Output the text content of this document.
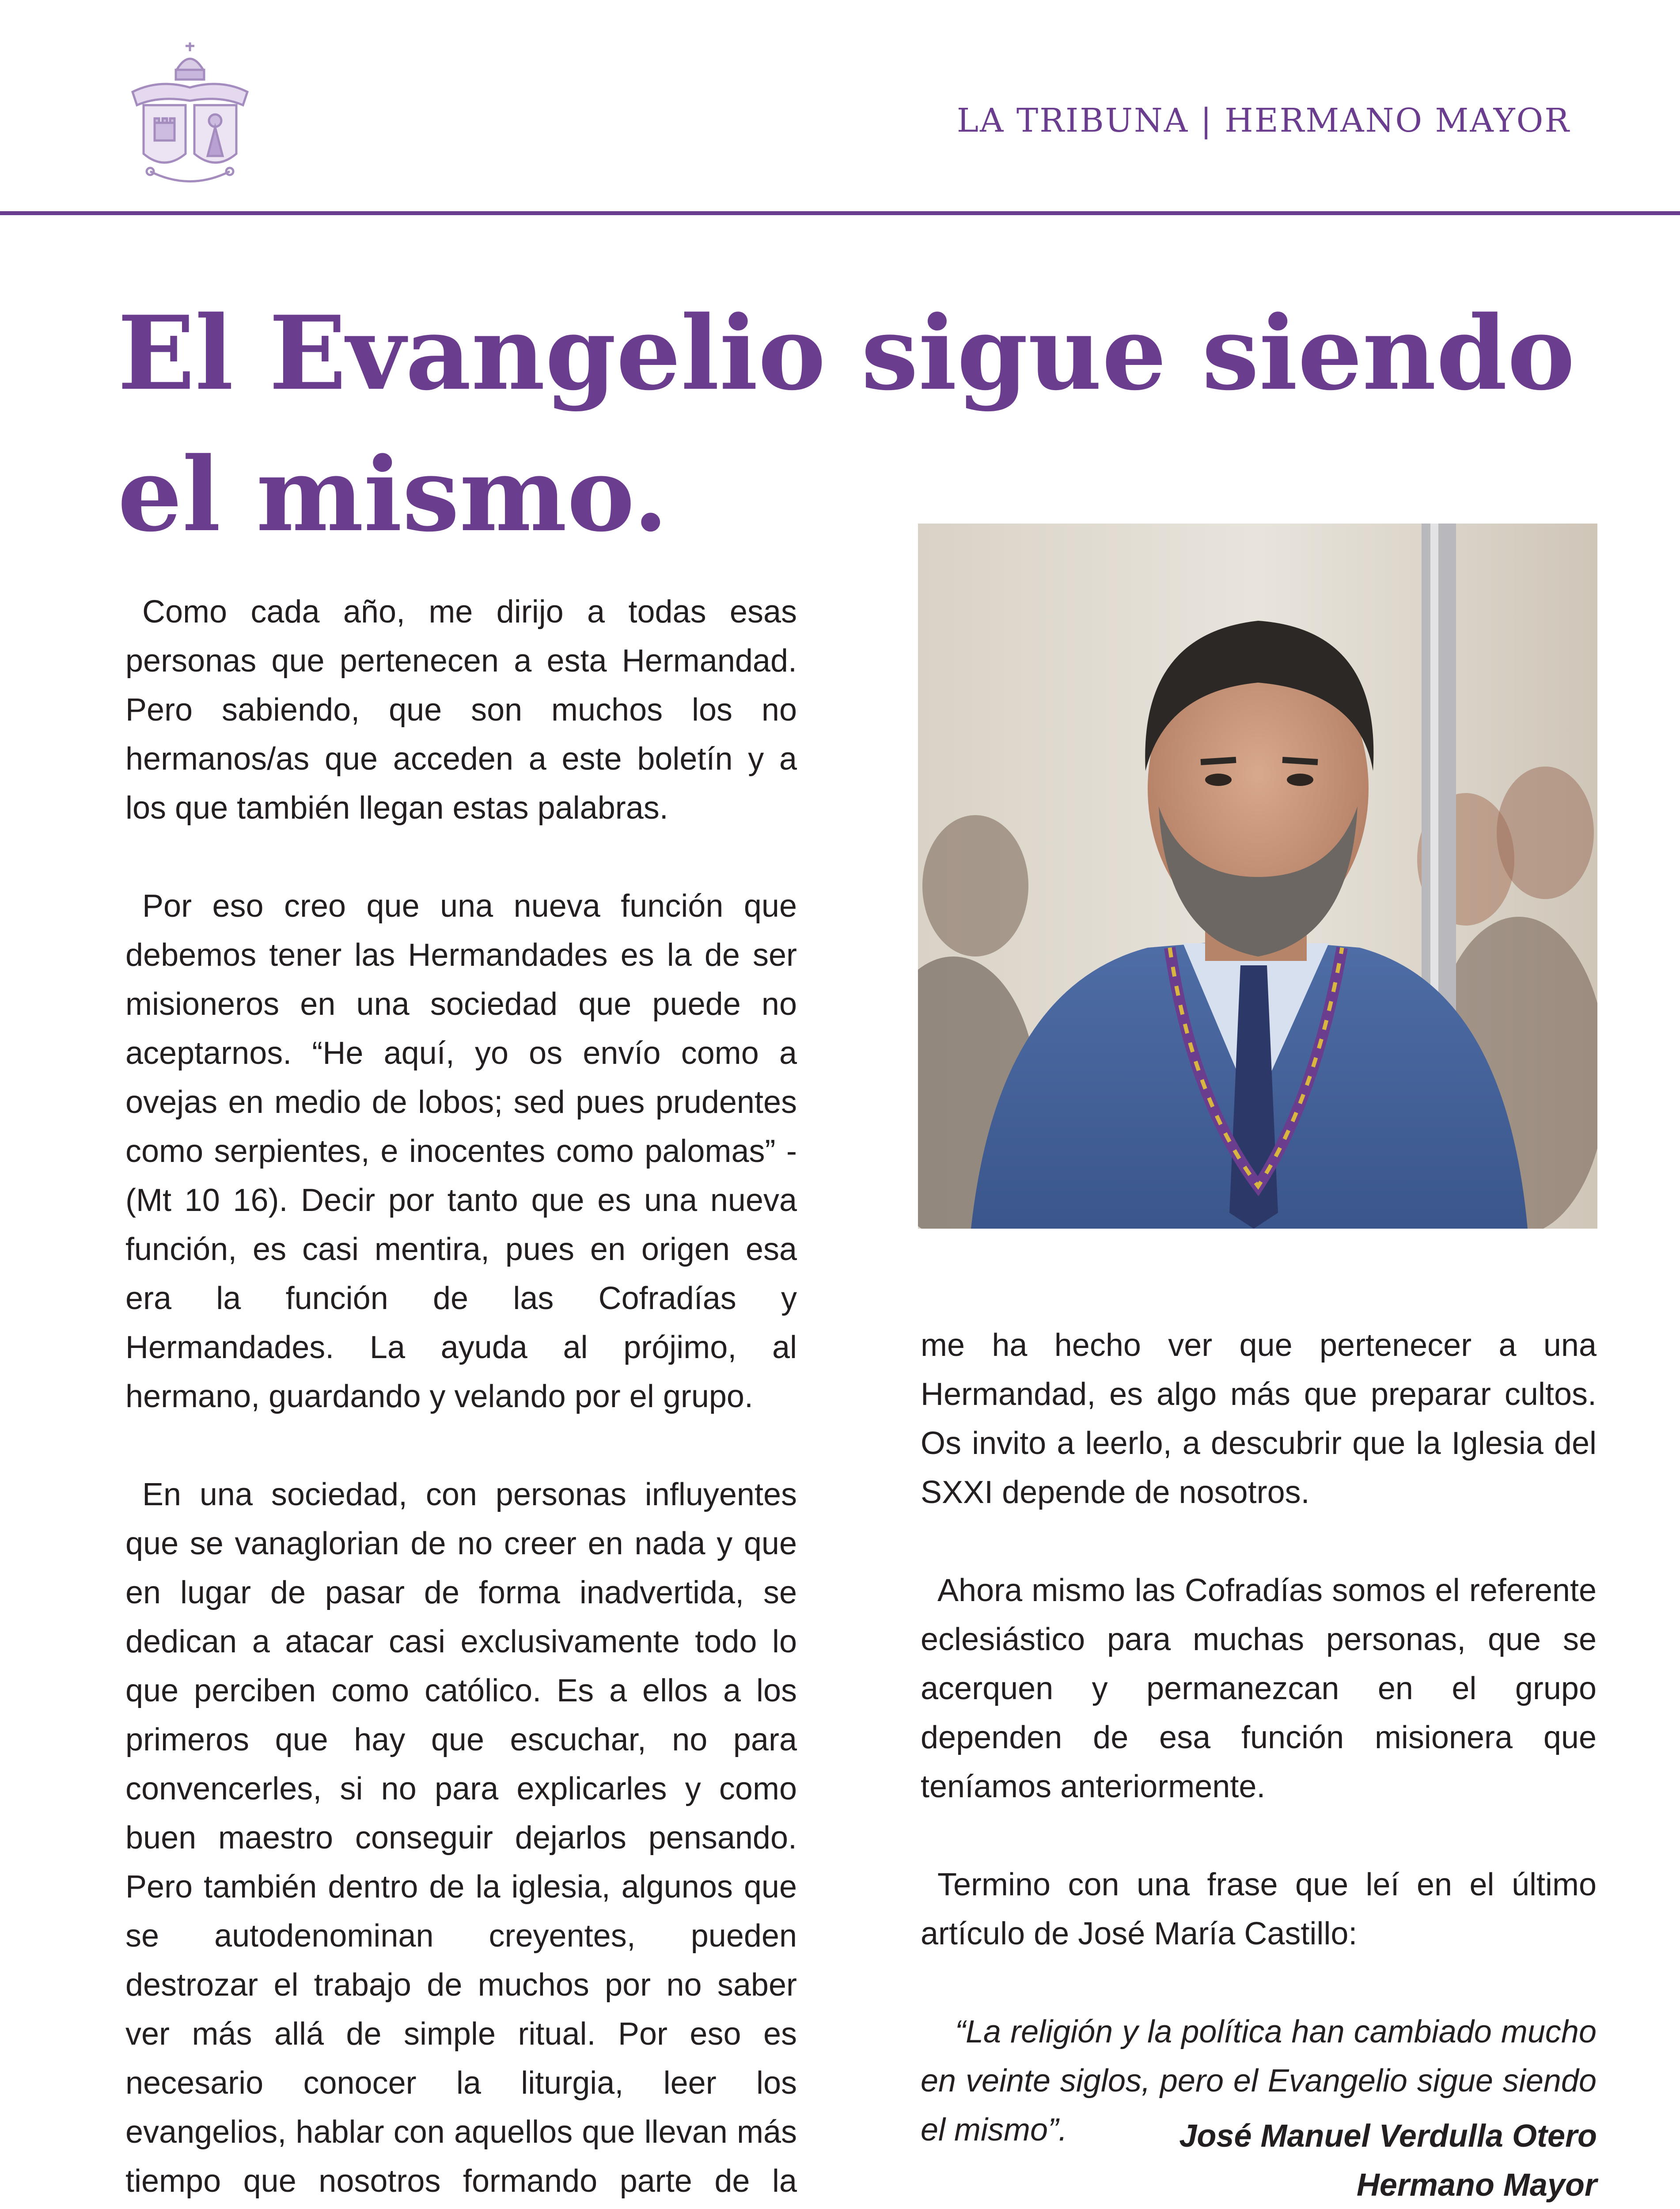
LA TRIBUNA | HERMANO MAYOR
El Evangelio sigue siendo
el mismo.

Como cada año, me dirijo a todas esas personas que pertenecen a esta Hermandad. Pero sabiendo, que son muchos los no hermanos/as que acceden a este boletín y a los que también llegan estas palabras.

Por eso creo que una nueva función que debemos tener las Hermandades es la de ser misioneros en una sociedad que puede no aceptarnos. “He aquí, yo os envío como a ovejas en medio de lobos; sed pues prudentes como serpientes, e inocentes como palomas” - (Mt 10 16). Decir por tanto que es una nueva función, es casi mentira, pues en origen esa era la función de las Cofradías y Hermandades. La ayuda al prójimo, al hermano, guardando y velando por el grupo.

En una sociedad, con personas influyentes que se vanaglorian de no creer en nada y que en lugar de pasar de forma inadvertida, se dedican a atacar casi exclusivamente todo lo que perciben como católico. Es a ellos a los primeros que hay que escuchar, no para convencerles, si no para explicarles y como buen maestro conseguir dejarlos pensando. Pero también dentro de la iglesia, algunos que se autodenominan creyentes, pueden destrozar el trabajo de muchos por no saber ver más allá de simple ritual. Por eso es necesario conocer la liturgia, leer los evangelios, hablar con aquellos que llevan más tiempo que nosotros formando parte de la

me ha hecho ver que pertenecer a una Hermandad, es algo más que preparar cultos. Os invito a leerlo, a descubrir que la Iglesia del SXXI depende de nosotros.

Ahora mismo las Cofradías somos el referente eclesiástico para muchas personas, que se acerquen y permanezcan en el grupo dependen de esa función misionera que teníamos anteriormente.

Termino con una frase que leí en el último artículo de José María Castillo:

“La religión y la política han cambiado mucho en veinte siglos, pero el Evangelio sigue siendo el mismo”.	José Manuel Verdulla Otero
Hermano Mayor
